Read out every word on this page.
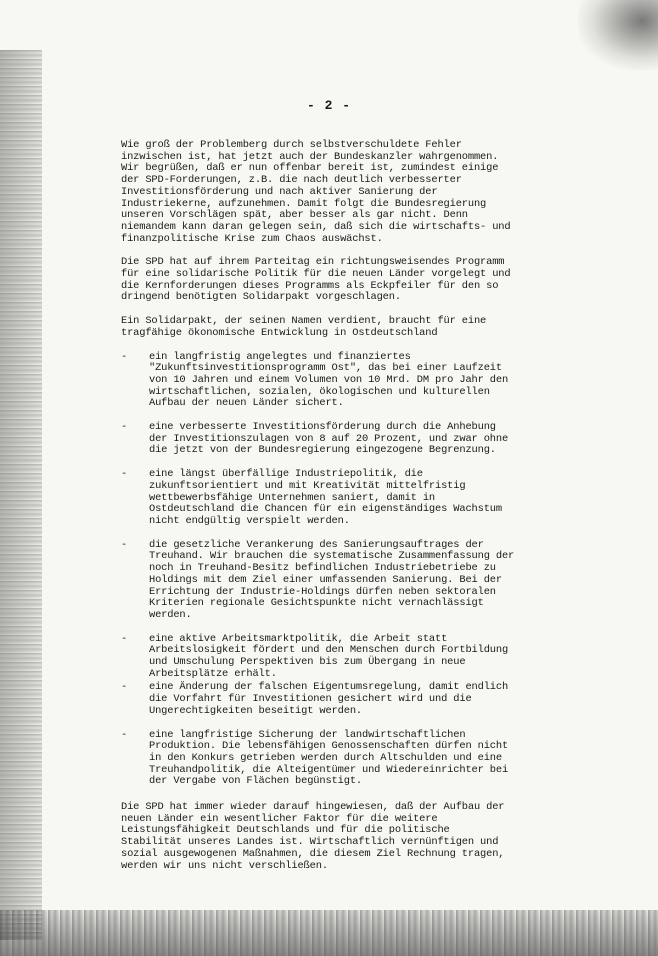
- 2 -

Wie groß der Problemberg durch selbstverschuldete Fehler inzwischen ist, hat jetzt auch der Bundeskanzler wahrgenommen. Wir begrüßen, daß er nun offenbar bereit ist, zumindest einige der SPD-Forderungen, z.B. die nach deutlich verbesserter Investitionsförderung und nach aktiver Sanierung der Industriekerne, aufzunehmen. Damit folgt die Bundesregierung unseren Vorschlägen spät, aber besser als gar nicht. Denn niemandem kann daran gelegen sein, daß sich die wirtschafts- und finanzpolitische Krise zum Chaos auswächst.

Die SPD hat auf ihrem Parteitag ein richtungsweisendes Programm für eine solidarische Politik für die neuen Länder vorgelegt und die Kernforderungen dieses Programms als Eckpfeiler für den so dringend benötigten Solidarpakt vorgeschlagen.

Ein Solidarpakt, der seinen Namen verdient, braucht für eine tragfähige ökonomische Entwicklung in Ostdeutschland

- ein langfristig angelegtes und finanziertes "Zukunftsinvestitionsprogramm Ost", das bei einer Laufzeit von 10 Jahren und einem Volumen von 10 Mrd. DM pro Jahr den wirtschaftlichen, sozialen, ökologischen und kulturellen Aufbau der neuen Länder sichert.
- eine verbesserte Investitionsförderung durch die Anhebung der Investitionszulagen von 8 auf 20 Prozent, und zwar ohne die jetzt von der Bundesregierung eingezogene Begrenzung.
- eine längst überfällige Industriepolitik, die zukunftsorientiert und mit Kreativität mittelfristig wettbewerbsfähige Unternehmen saniert, damit in Ostdeutschland die Chancen für ein eigenständiges Wachstum nicht endgültig verspielt werden.
- die gesetzliche Verankerung des Sanierungsauftrages der Treuhand. Wir brauchen die systematische Zusammenfassung der noch in Treuhand-Besitz befindlichen Industriebetriebe zu Holdings mit dem Ziel einer umfassenden Sanierung. Bei der Errichtung der Industrie-Holdings dürfen neben sektoralen Kriterien regionale Gesichtspunkte nicht vernachlässigt werden.
- eine aktive Arbeitsmarktpolitik, die Arbeit statt Arbeitslosigkeit fördert und den Menschen durch Fortbildung und Umschulung Perspektiven bis zum Übergang in neue Arbeitsplätze erhält.
- eine Änderung der falschen Eigentumsregelung, damit endlich die Vorfahrt für Investitionen gesichert wird und die Ungerechtigkeiten beseitigt werden.
- eine langfristige Sicherung der landwirtschaftlichen Produktion. Die lebensfähigen Genossenschaften dürfen nicht in den Konkurs getrieben werden durch Altschulden und eine Treuhandpolitik, die Alteigentümer und Wiedereinrichter bei der Vergabe von Flächen begünstigt.

Die SPD hat immer wieder darauf hingewiesen, daß der Aufbau der neuen Länder ein wesentlicher Faktor für die weitere Leistungsfähigkeit Deutschlands und für die politische Stabilität unseres Landes ist. Wirtschaftlich vernünftigen und sozial ausgewogenen Maßnahmen, die diesem Ziel Rechnung tragen, werden wir uns nicht verschließen.
